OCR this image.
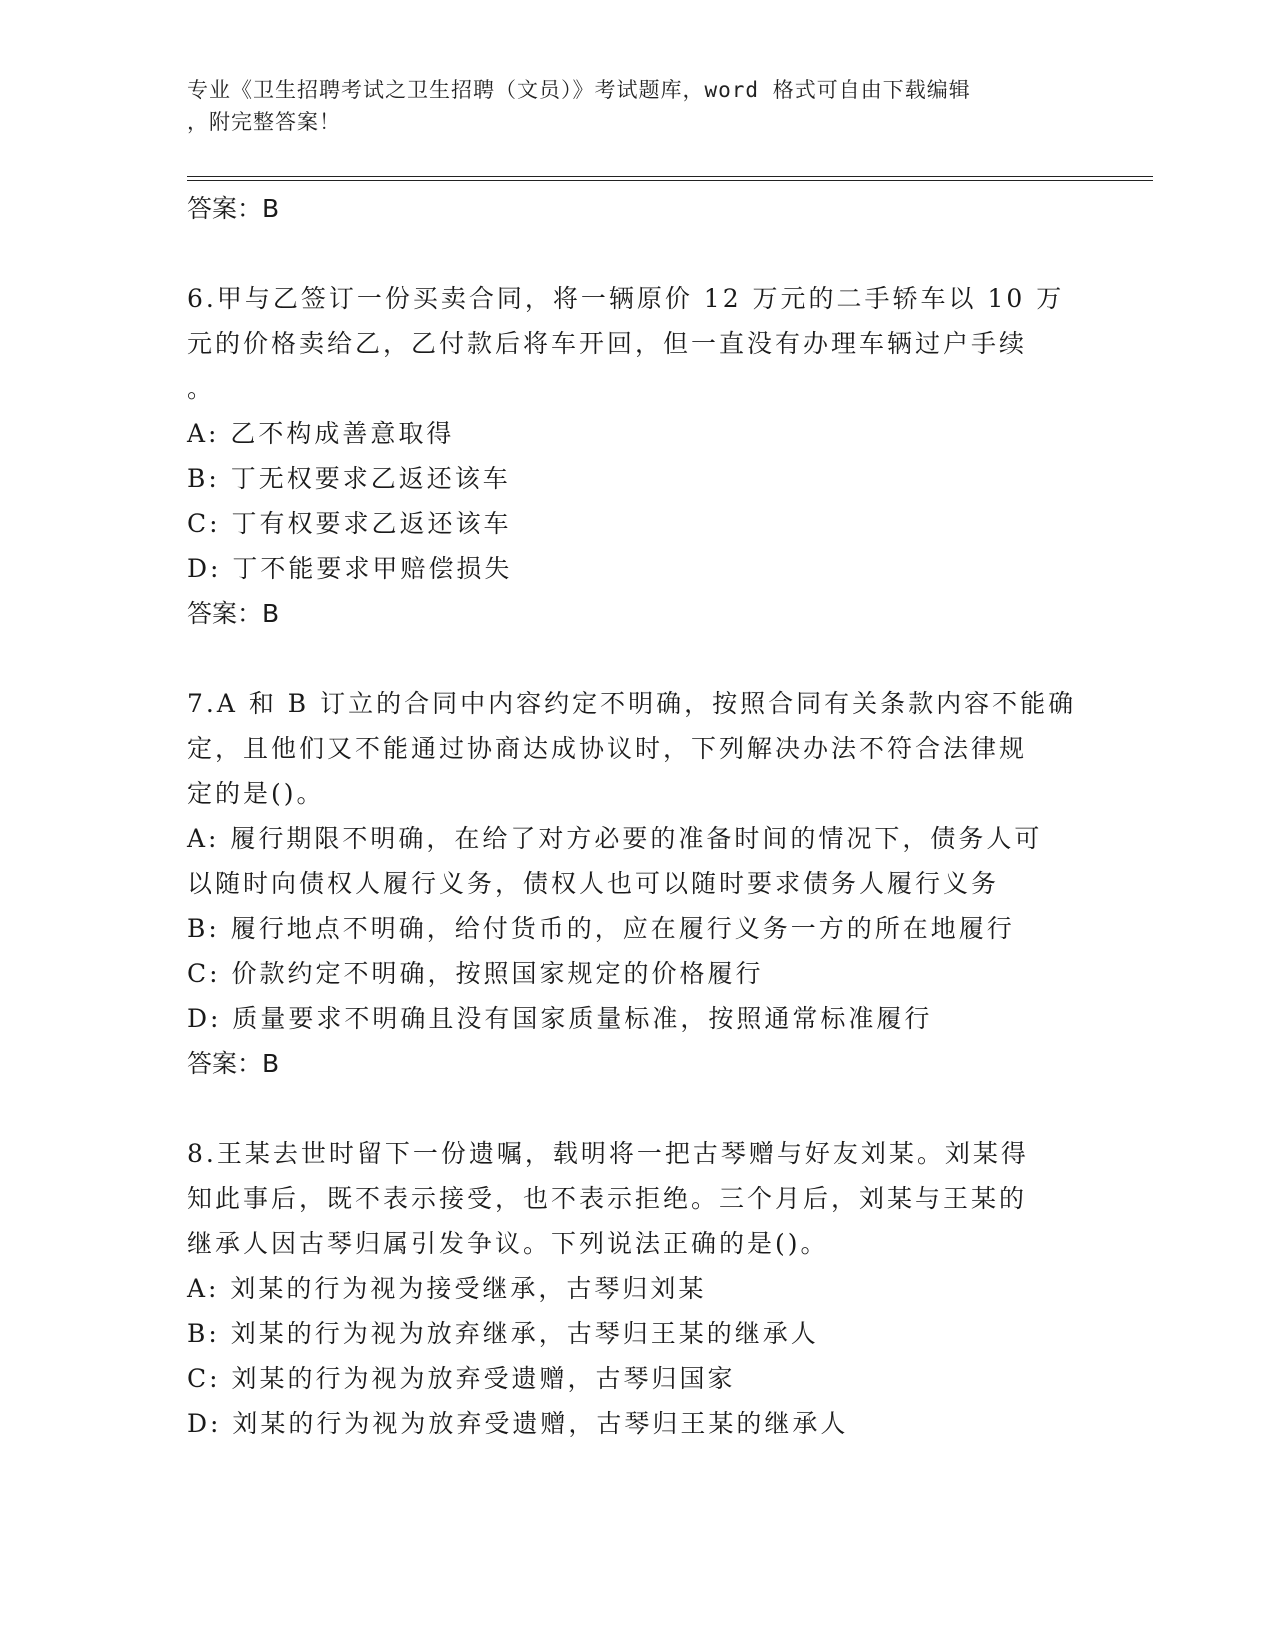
专业《卫生招聘考试之卫生招聘（文员）》考试题库，word 格式可自由下载编辑
，附完整答案！
答案：B
6.甲与乙签订一份买卖合同，将一辆原价 12 万元的二手轿车以 10 万
元的价格卖给乙，乙付款后将车开回，但一直没有办理车辆过户手续
。
A: 乙不构成善意取得
B: 丁无权要求乙返还该车
C: 丁有权要求乙返还该车
D: 丁不能要求甲赔偿损失
答案：B
7.A 和 B 订立的合同中内容约定不明确，按照合同有关条款内容不能确
定，且他们又不能通过协商达成协议时，下列解决办法不符合法律规
定的是()。
A: 履行期限不明确，在给了对方必要的准备时间的情况下，债务人可
以随时向债权人履行义务，债权人也可以随时要求债务人履行义务
B: 履行地点不明确，给付货币的，应在履行义务一方的所在地履行
C: 价款约定不明确，按照国家规定的价格履行
D: 质量要求不明确且没有国家质量标准，按照通常标准履行
答案：B
8.王某去世时留下一份遗嘱，载明将一把古琴赠与好友刘某。刘某得
知此事后，既不表示接受，也不表示拒绝。三个月后，刘某与王某的
继承人因古琴归属引发争议。下列说法正确的是()。
A: 刘某的行为视为接受继承，古琴归刘某
B: 刘某的行为视为放弃继承，古琴归王某的继承人
C: 刘某的行为视为放弃受遗赠，古琴归国家
D: 刘某的行为视为放弃受遗赠，古琴归王某的继承人
